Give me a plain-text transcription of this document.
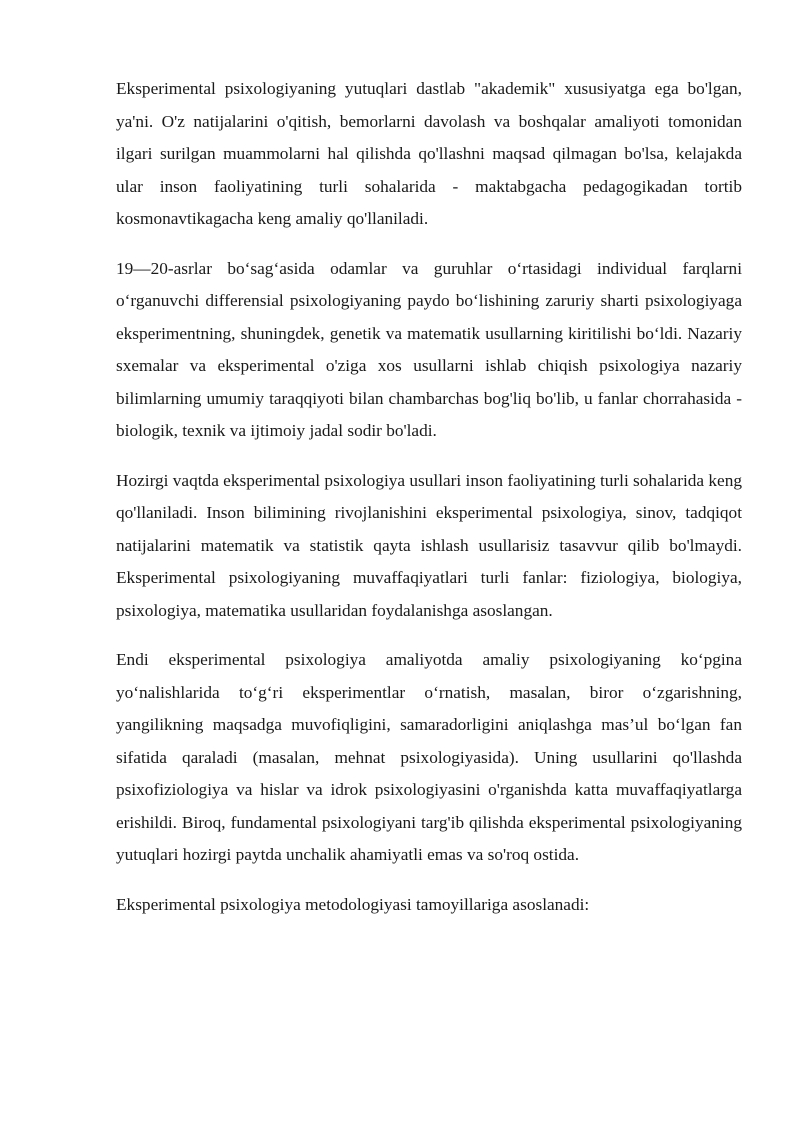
Eksperimental psixologiyaning yutuqlari dastlab "akademik" xususiyatga ega bo'lgan, ya'ni. O'z natijalarini o'qitish, bemorlarni davolash va boshqalar amaliyoti tomonidan ilgari surilgan muammolarni hal qilishda qo'llashni maqsad qilmagan bo'lsa, kelajakda ular inson faoliyatining turli sohalarida - maktabgacha pedagogikadan tortib kosmonavtikagacha keng amaliy qo'llaniladi.

19—20-asrlar bo‘sag‘asida odamlar va guruhlar o‘rtasidagi individual farqlarni o‘rganuvchi differensial psixologiyaning paydo bo‘lishining zaruriy sharti psixologiyaga eksperimentning, shuningdek, genetik va matematik usullarning kiritilishi bo‘ldi. Nazariy sxemalar va eksperimental o'ziga xos usullarni ishlab chiqish psixologiya nazariy bilimlarning umumiy taraqqiyoti bilan chambarchas bog'liq bo'lib, u fanlar chorrahasida - biologik, texnik va ijtimoiy jadal sodir bo'ladi.

Hozirgi vaqtda eksperimental psixologiya usullari inson faoliyatining turli sohalarida keng qo'llaniladi. Inson bilimining rivojlanishini eksperimental psixologiya, sinov, tadqiqot natijalarini matematik va statistik qayta ishlash usullarisiz tasavvur qilib bo'lmaydi. Eksperimental psixologiyaning muvaffaqiyatlari turli fanlar: fiziologiya, biologiya, psixologiya, matematika usullaridan foydalanishga asoslangan.

Endi eksperimental psixologiya amaliyotda amaliy psixologiyaning ko‘pgina yo‘nalishlarida to‘g‘ri eksperimentlar o‘rnatish, masalan, biror o‘zgarishning, yangilikning maqsadga muvofiqligini, samaradorligini aniqlashga mas’ul bo‘lgan fan sifatida qaraladi (masalan, mehnat psixologiyasida). Uning usullarini qo'llashda psixofiziologiya va hislar va idrok psixologiyasini o'rganishda katta muvaffaqiyatlarga erishildi. Biroq, fundamental psixologiyani targ'ib qilishda eksperimental psixologiyaning yutuqlari hozirgi paytda unchalik ahamiyatli emas va so'roq ostida.

Eksperimental psixologiya metodologiyasi tamoyillariga asoslanadi:
